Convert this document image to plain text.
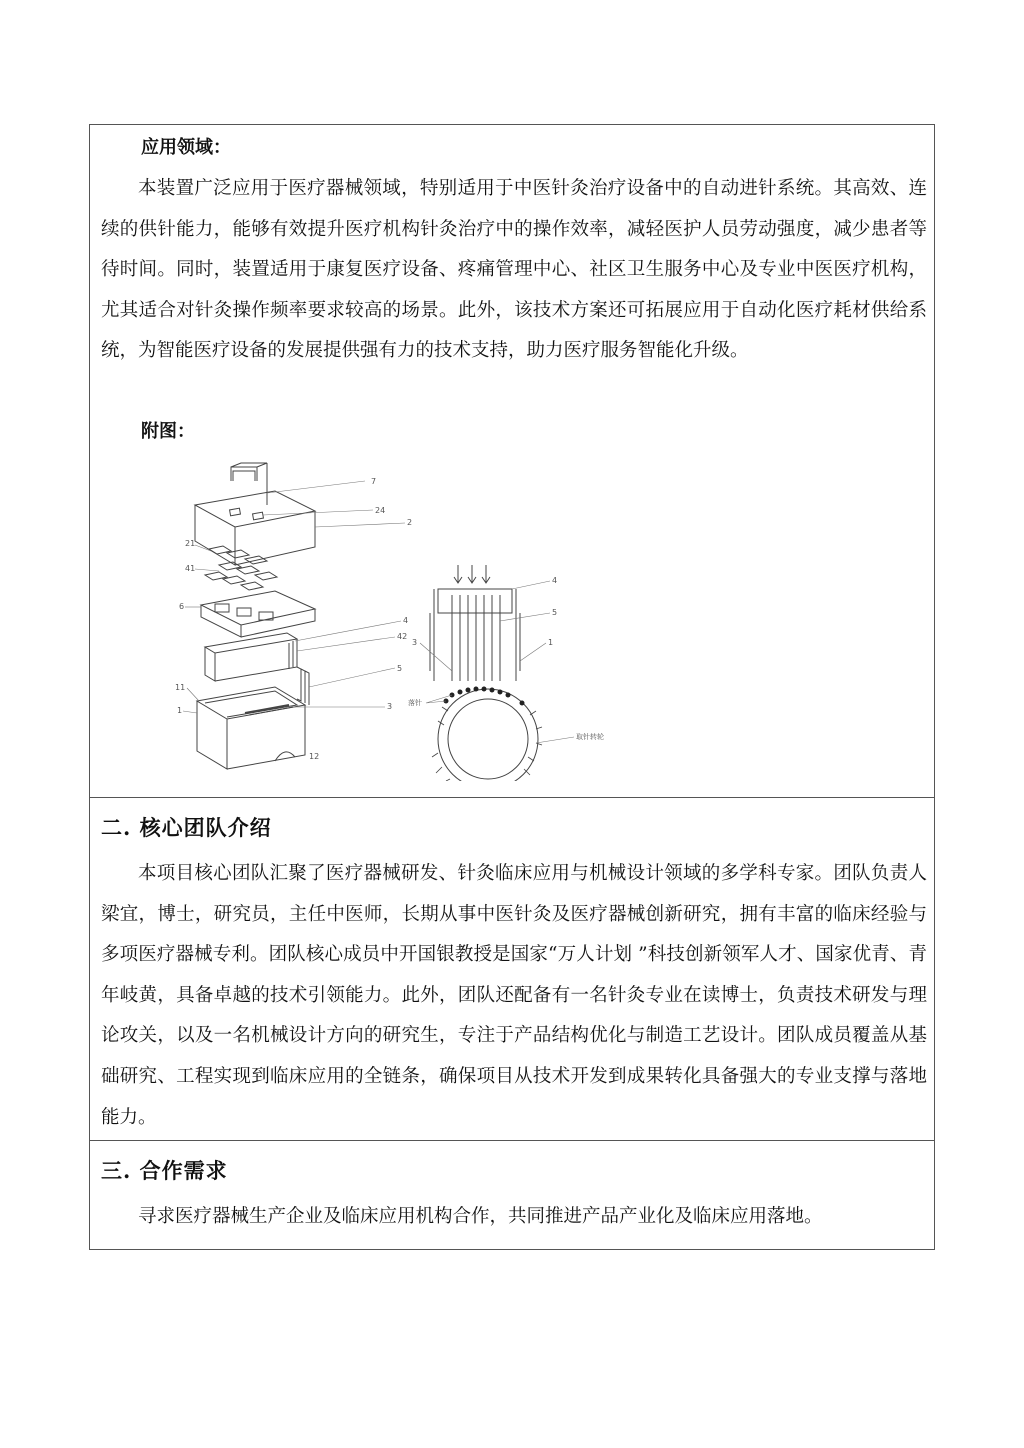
应用领域：

本装置广泛应用于医疗器械领域，特别适用于中医针灸治疗设备中的自动进针系统。其高效、连续的供针能力，能够有效提升医疗机构针灸治疗中的操作效率，减轻医护人员劳动强度，减少患者等待时间。同时，装置适用于康复医疗设备、疼痛管理中心、社区卫生服务中心及专业中医医疗机构，尤其适合对针灸操作频率要求较高的场景。此外，该技术方案还可拓展应用于自动化医疗耗材供给系统，为智能医疗设备的发展提供强有力的技术支持，助力医疗服务智能化升级。

附图：
7
24
2
21
41
6
4
42
5
11
1	3
12
4
5
3	1
落针
取针转轮
二. 核心团队介绍

本项目核心团队汇聚了医疗器械研发、针灸临床应用与机械设计领域的多学科专家。团队负责人梁宜，博士，研究员，主任中医师，长期从事中医针灸及医疗器械创新研究，拥有丰富的临床经验与多项医疗器械专利。团队核心成员中开国银教授是国家“万人计划 ”科技创新领军人才、国家优青、青年岐黄，具备卓越的技术引领能力。此外，团队还配备有一名针灸专业在读博士，负责技术研发与理论攻关，以及一名机械设计方向的研究生，专注于产品结构优化与制造工艺设计。团队成员覆盖从基础研究、工程实现到临床应用的全链条，确保项目从技术开发到成果转化具备强大的专业支撑与落地能力。

三. 合作需求

寻求医疗器械生产企业及临床应用机构合作，共同推进产品产业化及临床应用落地。
